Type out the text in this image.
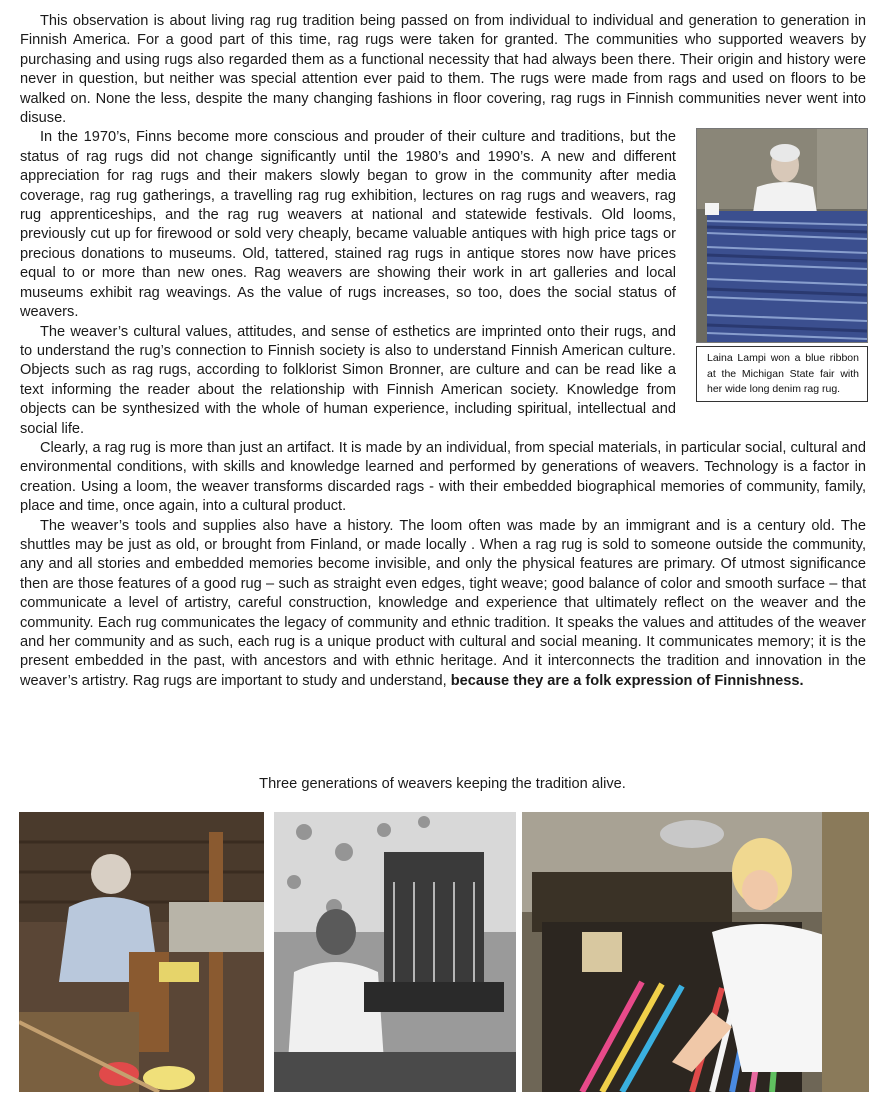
This observation is about living rag rug tradition being passed on from individual to individual and generation to generation in Finnish America. For a good part of this time, rag rugs were taken for granted. The communities who supported weavers by purchasing and using rugs also regarded them as a functional necessity that had always been there. Their origin and history were never in question, but neither was special attention ever paid to them. The rugs were made from rags and used on floors to be walked on. None the less, despite the many changing fashions in floor covering, rag rugs in Finnish communities never went into disuse.

Laina Lampi won a blue ribbon at the Michigan State fair with her wide long denim rag rug.

In the 1970’s, Finns become more conscious and prouder of their culture and traditions, but the status of rag rugs did not change significantly until the 1980’s and 1990’s. A new and different appreciation for rag rugs and their makers slowly began to grow in the community after media coverage, rag rug gatherings, a travelling rag rug exhibition, lectures on rag rugs and weavers, rag rug apprenticeships, and the rag rug weavers at national and statewide festivals. Old looms, previously cut up for firewood or sold very cheaply, became valuable antiques with high price tags or precious donations to museums. Old, tattered, stained rag rugs in antique stores now have prices equal to or more than new ones. Rag weavers are showing their work in art galleries and local museums exhibit rag weavings. As the value of rugs increases, so too, does the social status of weavers.

The weaver’s cultural values, attitudes, and sense of esthetics are imprinted onto their rugs, and to understand the rug’s connection to Finnish society is also to understand Finnish American culture. Objects such as rag rugs, according to folklorist Simon Bronner, are culture and can be read like a text informing the reader about the relationship with Finnish American society. Knowledge from objects can be synthesized with the whole of human experience, including spiritual, intellectual and social life.

Clearly, a rag rug is more than just an artifact. It is made by an individual, from special materials, in particular social, cultural and environmental conditions, with skills and knowledge learned and performed by generations of weavers. Technology is a factor in creation. Using a loom, the weaver transforms discarded rags - with their embedded biographical memories of community, family, place and time, once again, into a cultural product.

The weaver’s tools and supplies also have a history. The loom often was made by an immigrant and is a century old. The shuttles may be just as old, or brought from Finland, or made locally . When a rag rug is sold to someone outside the community, any and all stories and embedded memories become invisible, and only the physical features are primary. Of utmost significance then are those features of a good rug – such as straight even edges, tight weave; good balance of color and smooth surface – that communicate a level of artistry, careful construction, knowledge and experience that ultimately reflect on the weaver and the community. Each rug communicates the legacy of community and ethnic tradition. It speaks the values and attitudes of the weaver and her community and as such, each rug is a unique product with cultural and social meaning. It communicates memory; it is the present embedded in the past, with ancestors and with ethnic heritage. And it interconnects the tradition and innovation in the weaver’s artistry. Rag rugs are important to study and understand, because they are a folk expression of Finnishness.

Three generations of weavers keeping the tradition alive.
